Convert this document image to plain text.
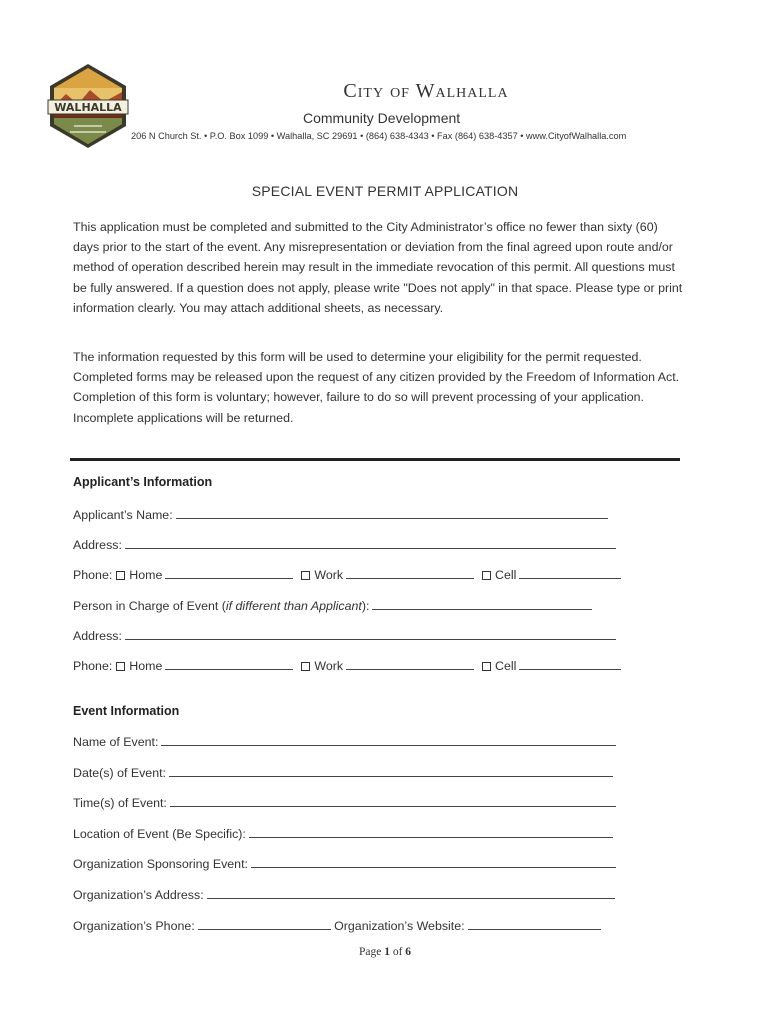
WALHALLA
City of Walhalla
Community Development
206 N Church St. • P.O. Box 1099 • Walhalla, SC 29691 • (864) 638-4343 • Fax (864) 638-4357 • www.CityofWalhalla.com
SPECIAL EVENT PERMIT APPLICATION
This application must be completed and submitted to the City Administrator’s office no fewer than sixty (60) days prior to the start of the event. Any misrepresentation or deviation from the final agreed upon route and/or method of operation described herein may result in the immediate revocation of this permit. All questions must be fully answered. If a question does not apply, please write "Does not apply" in that space. Please type or print information clearly. You may attach additional sheets, as necessary.
The information requested by this form will be used to determine your eligibility for the permit requested. Completed forms may be released upon the request of any citizen provided by the Freedom of Information Act. Completion of this form is voluntary; however, failure to do so will prevent processing of your application. Incomplete applications will be returned.
Applicant’s Information
Applicant’s Name:
Address:
Phone: Home	Work	Cell
Person in Charge of Event (if different than Applicant):
Address:
Phone: Home	Work	Cell
Event Information
Name of Event:
Date(s) of Event:
Time(s) of Event:
Location of Event (Be Specific):
Organization Sponsoring Event:
Organization’s Address:
Organization’s Phone:	Organization’s Website:
Page 1 of 6
